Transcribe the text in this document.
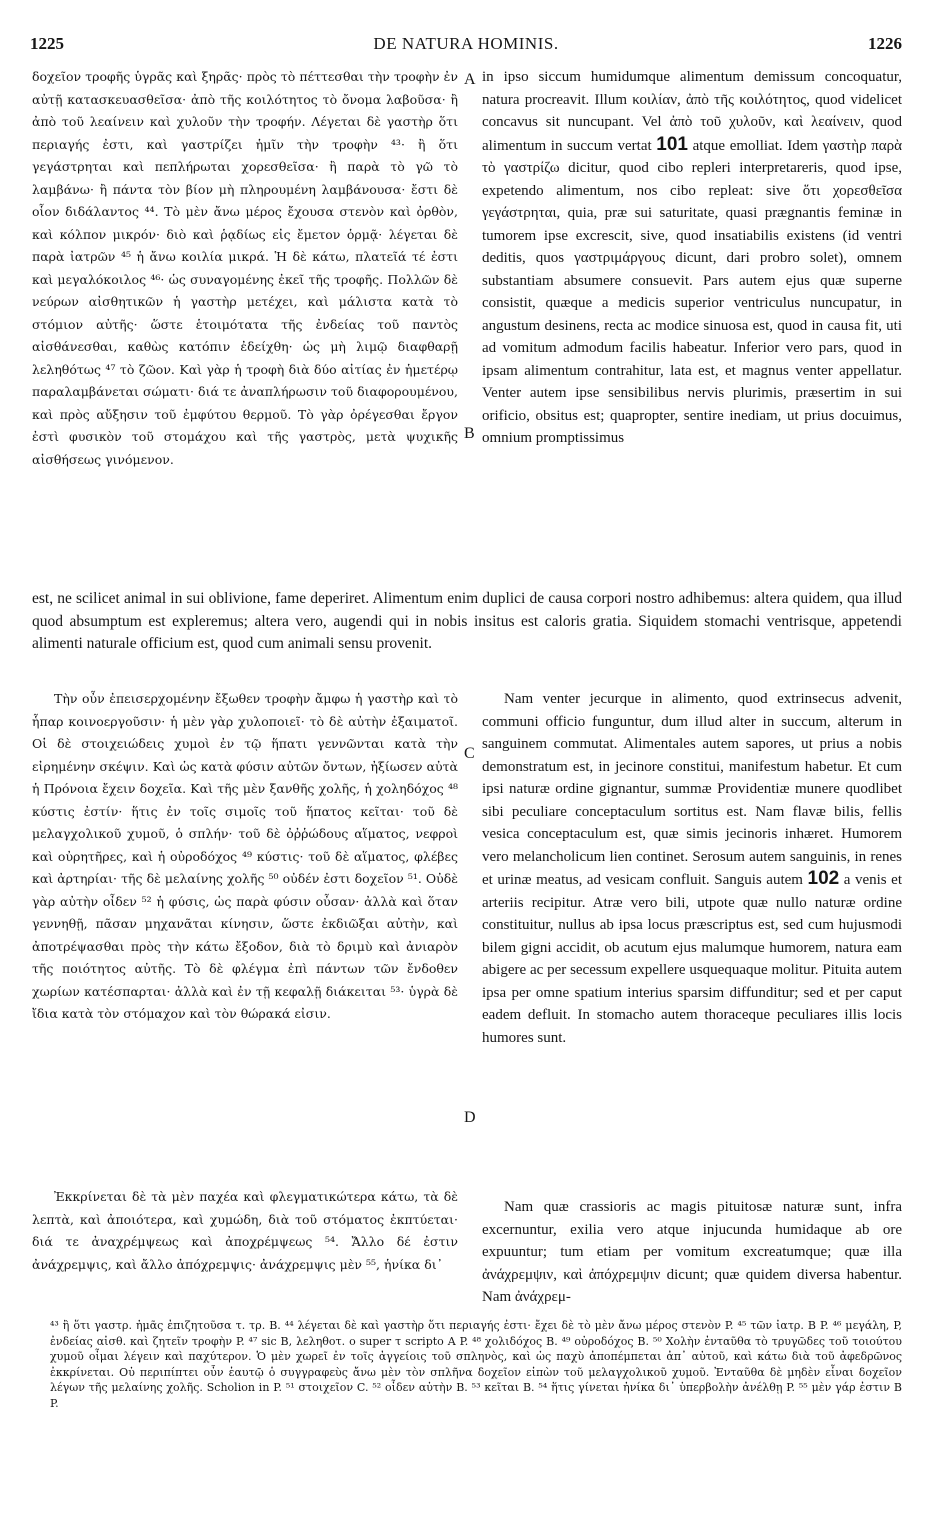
1225	DE NATURA HOMINIS.	1226

δοχεῖον τροφῆς ὑγρᾶς καὶ ξηρᾶς· πρὸς τὸ πέττεσθαι τὴν τροφὴν ἐν αὐτῇ κατασκευασθεῖσα· ἀπὸ τῆς κοιλότητος τὸ ὄνομα λαβοῦσα· ἢ ἀπὸ τοῦ λεαίνειν καὶ χυλοῦν τὴν τροφήν. Λέγεται δὲ γαστὴρ ὅτι περιαγής ἐστι, καὶ γαστρίζει ἡμῖν τὴν τροφὴν ⁴³· ἢ ὅτι γεγάστρηται καὶ πεπλήρωται χορεσθεῖσα· ἢ παρὰ τὸ γῶ τὸ λαμβάνω· ἢ πάντα τὸν βίον μὴ πληρουμένη λαμβάνουσα· ἔστι δὲ οἷον διδάλαντος ⁴⁴. Τὸ μὲν ἄνω μέρος ἔχουσα στενὸν καὶ ὀρθὸν, καὶ κόλπον μικρόν· διὸ καὶ ῥᾳδίως εἰς ἔμετον ὁρμᾷ· λέγεται δὲ παρὰ ἰατρῶν ⁴⁵ ἡ ἄνω κοιλία μικρά. Ἡ δὲ κάτω, πλατεῖά τέ ἐστι καὶ μεγαλόκοιλος ⁴⁶· ὡς συναγομένης ἐκεῖ τῆς τροφῆς. Πολλῶν δὲ νεύρων αἰσθητικῶν ἡ γαστὴρ μετέχει, καὶ μάλιστα κατὰ τὸ στόμιον αὐτῆς· ὥστε ἑτοιμότατα τῆς ἐνδείας τοῦ παντὸς αἰσθάνεσθαι, καθὼς κατόπιν ἐδείχθη· ὡς μὴ λιμῷ διαφθαρῇ λεληθότως ⁴⁷ τὸ ζῶον. Καὶ γὰρ ἡ τροφὴ διὰ δύο αἰτίας ἐν ἡμετέρῳ παραλαμβάνεται σώματι· διά τε ἀναπλήρωσιν τοῦ διαφορουμένου, καὶ πρὸς αὔξησιν τοῦ ἐμφύτου θερμοῦ. Τὸ γὰρ ὀρέγεσθαι ἔργον ἐστὶ φυσικὸν τοῦ στομάχου καὶ τῆς γαστρὸς, μετὰ ψυχικῆς αἰσθήσεως γινόμενον.

A in ipso siccum humidumque alimentum demissum concoquatur, natura procreavit. Illum κοιλίαν, ἀπὸ τῆς κοιλότητος, quod videlicet concavus sit nuncupant. Vel ἀπὸ τοῦ χυλοῦν, καὶ λεαίνειν, quod alimentum in succum vertat 101 atque emolliat. Idem γαστὴρ παρὰ τὸ γαστρίζω dicitur, quod cibo repleri interpretareris, quod ipse, expetendo alimentum, nos cibo repleat: sive ὅτι χορεσθεῖσα γεγάστρηται, quia, præ sui saturitate, quasi prægnantis feminæ in tumorem ipse excrescit, sive, quod insatiabilis existens (id ventri deditis, quos γαστριμάργους dicunt, dari probro solet), omnem substantiam absumere consuevit. Pars autem ejus quæ superne consistit, quæque a medicis superior ventriculus nuncupatur, in angustum desinens, recta ac modice sinuosa est, quod in causa fit, uti ad vomitum admodum facilis habeatur. Inferior vero pars, quod in ipsam alimentum contrahitur, lata est, et magnus venter appellatur. Venter autem ipse sensibilibus nervis plurimis, præsertim in sui orificio, obsitus est; quapropter, sentire inediam, ut prius docuimus, omnium promptissimus

B

est, ne scilicet animal in sui oblivione, fame deperiret. Alimentum enim duplici de causa corpori nostro adhibemus: altera quidem, qua illud quod absumptum est expleremus; altera vero, augendi qui in nobis insitus est caloris gratia. Siquidem stomachi ventrisque, appetendi alimenti naturale officium est, quod cum animali sensu provenit.

Τὴν οὖν ἐπεισερχομένην ἔξωθεν τροφὴν ἄμφω ἡ γαστὴρ καὶ τὸ ἧπαρ κοινοεργοῦσιν· ἡ μὲν γὰρ χυλοποιεῖ· τὸ δὲ αὐτὴν ἐξαιματοῖ. Οἱ δὲ στοιχειώδεις χυμοὶ ἐν τῷ ἥπατι γεννῶνται κατὰ τὴν εἰρημένην σκέψιν. Καὶ ὡς κατὰ φύσιν αὐτῶν ὄντων, ἠξίωσεν αὐτὰ ἡ Πρόνοια ἔχειν δοχεῖα. Καὶ τῆς μὲν ξανθῆς χολῆς, ἡ χοληδόχος ⁴⁸ κύστις ἐστίν· ἥτις ἐν τοῖς σιμοῖς τοῦ ἥπατος κεῖται· τοῦ δὲ μελαγχολικοῦ χυμοῦ, ὁ σπλήν· τοῦ δὲ ὀῤῥώδους αἵματος, νεφροὶ καὶ οὐρητῆρες, καὶ ἡ οὐροδόχος ⁴⁹ κύστις· τοῦ δὲ αἵματος, φλέβες καὶ ἀρτηρίαι· τῆς δὲ μελαίνης χολῆς ⁵⁰ οὐδέν ἐστι δοχεῖον ⁵¹. Οὐδὲ γὰρ αὐτὴν οἶδεν ⁵² ἡ φύσις, ὡς παρὰ φύσιν οὖσαν· ἀλλὰ καὶ ὅταν γεννηθῇ, πᾶσαν μηχανᾶται κίνησιν, ὥστε ἐκδιῶξαι αὐτὴν, καὶ ἀποτρέψασθαι πρὸς τὴν κάτω ἔξοδον, διὰ τὸ δριμὺ καὶ ἀνιαρὸν τῆς ποιότητος αὐτῆς. Τὸ δὲ φλέγμα ἐπὶ πάντων τῶν ἔνδοθεν χωρίων κατέσπαρται· ἀλλὰ καὶ ἐν τῇ κεφαλῇ διάκειται ⁵³· ὑγρὰ δὲ ἴδια κατὰ τὸν στόμαχον καὶ τὸν θώρακά εἰσιν.

C

Nam venter jecurque in alimento, quod extrinsecus advenit, communi officio funguntur, dum illud alter in succum, alterum in sanguinem commutat. Alimentales autem sapores, ut prius a nobis demonstratum est, in jecinore constitui, manifestum habetur. Et cum ipsi naturæ ordine gignantur, summæ Providentiæ munere quodlibet sibi peculiare conceptaculum sortitus est. Nam flavæ bilis, fellis vesica conceptaculum est, quæ simis jecinoris inhæret. Humorem vero melancholicum lien continet. Serosum autem sanguinis, in renes et urinæ meatus, ad vesicam confluit. Sanguis autem 102 a venis et arteriis recipitur. Atræ vero bili, utpote quæ nullo naturæ ordine constituitur, nullus ab ipsa locus præscriptus est, sed cum hujusmodi bilem gigni accidit, ob acutum ejus malumque humorem, natura eam abigere ac per secessum expellere usquequaque molitur. Pituita autem ipsa per omne spatium interius sparsim diffunditur; sed et per caput eadem defluit. In stomacho autem thoraceque peculiares illis locis humores sunt.

D

Ἐκκρίνεται δὲ τὰ μὲν παχέα καὶ φλεγματικώτερα κάτω, τὰ δὲ λεπτὰ, καὶ ἀποιότερα, καὶ χυμώδη, διὰ τοῦ στόματος ἐκπτύεται· διά τε ἀναχρέμψεως καὶ ἀποχρέμψεως ⁵⁴. Ἄλλο δέ ἐστιν ἀνάχρεμψις, καὶ ἄλλο ἀπόχρεμψις· ἀνάχρεμψις μὲν ⁵⁵, ἡνίκα δι᾽

Nam quæ crassioris ac magis pituitosæ naturæ sunt, infra excernuntur, exilia vero atque injucunda humidaque ab ore expuuntur; tum etiam per vomitum excreatumque; quæ illa ἀνάχρεμψιν, καὶ ἀπόχρεμψιν dicunt; quæ quidem diversa habentur. Nam ἀνάχρεμ-

⁴³ ἢ ὅτι γαστρ. ἡμᾶς ἐπιζητοῦσα τ. τρ. B. ⁴⁴ λέγεται δὲ καὶ γαστὴρ ὅτι περιαγής ἐστι· ἔχει δὲ τὸ μὲν ἄνω μέρος στενὸν P. ⁴⁵ τῶν ἰατρ. B P. ⁴⁶ μεγάλη, P, ἐνδείας αἰσθ. καὶ ζητεῖν τροφὴν P. ⁴⁷ sic B, λεληθοτ. o super τ scripto A P. ⁴⁸ χολιδόχος B. ⁴⁹ οὐροδόχος B. ⁵⁰ Χολὴν ἐνταῦθα τὸ τρυγῶδες τοῦ τοιούτου χυμοῦ οἶμαι λέγειν καὶ παχύτερον. Ὁ μὲν χωρεῖ ἐν τοῖς ἀγγείοις τοῦ σπληνὸς, καὶ ὡς παχὺ ἀποπέμπεται ἀπ᾽ αὐτοῦ, καὶ κάτω διὰ τοῦ ἀφεδρῶνος ἐκκρίνεται. Οὐ περιπίπτει οὖν ἑαυτῷ ὁ συγγραφεὺς ἄνω μὲν τὸν σπλῆνα δοχεῖον εἰπὼν τοῦ μελαγχολικοῦ χυμοῦ. Ἐνταῦθα δὲ μηδὲν εἶναι δοχεῖον λέγων τῆς μελαίνης χολῆς. Scholion in P. ⁵¹ στοιχεῖον C. ⁵² οἶδεν αὐτὴν B. ⁵³ κεῖται B. ⁵⁴ ἥτις γίνεται ἡνίκα δι᾽ ὑπερβολὴν ἀνέλθῃ P. ⁵⁵ μὲν γάρ ἐστιν B P.
